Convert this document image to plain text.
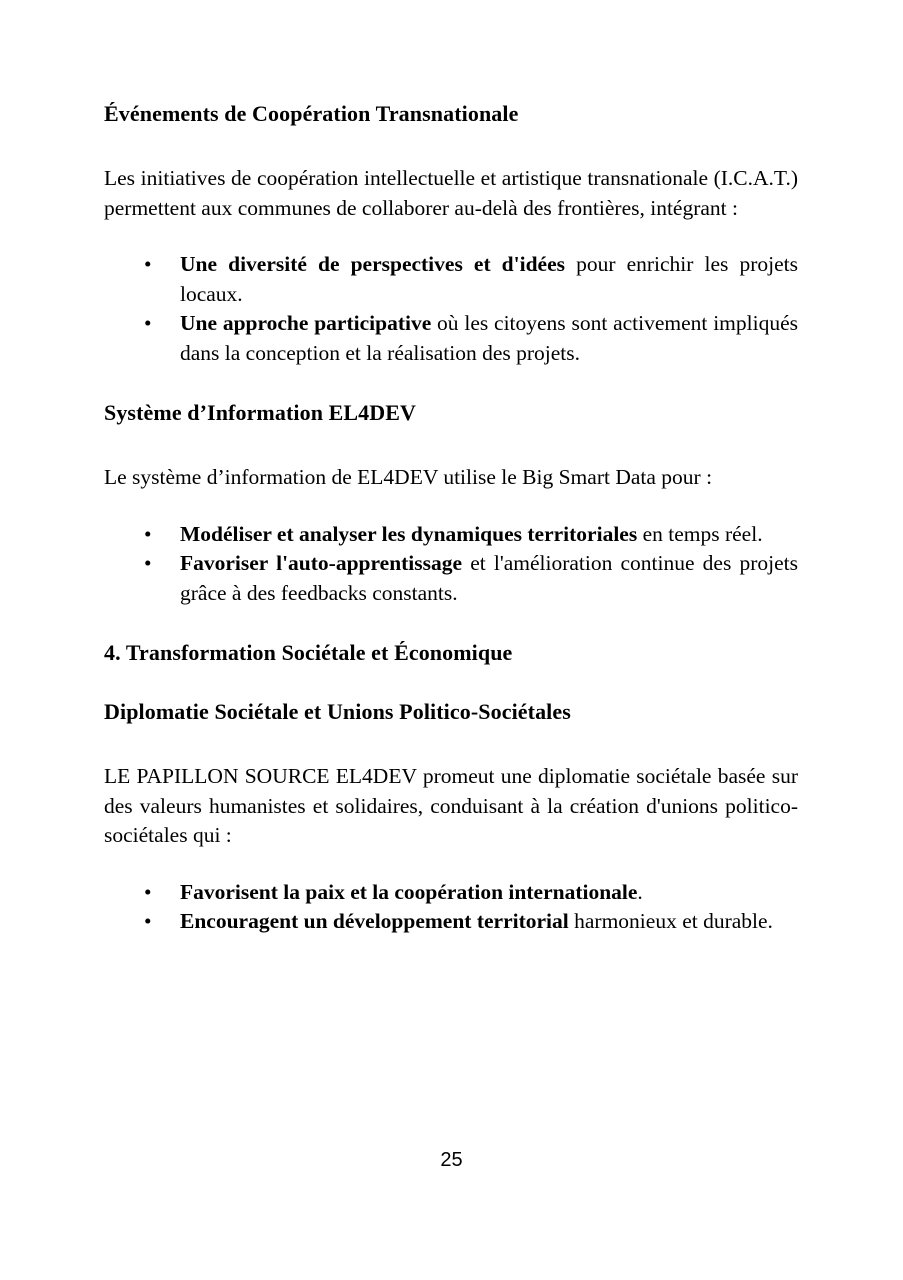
Événements de Coopération Transnationale

Les initiatives de coopération intellectuelle et artistique transnationale (I.C.A.T.) permettent aux communes de collaborer au-delà des frontières, intégrant :

• Une diversité de perspectives et d'idées pour enrichir les projets locaux.
• Une approche participative où les citoyens sont activement impliqués dans la conception et la réalisation des projets.
Système d’Information EL4DEV

Le système d’information de EL4DEV utilise le Big Smart Data pour :

• Modéliser et analyser les dynamiques territoriales en temps réel.
• Favoriser l'auto-apprentissage et l'amélioration continue des projets grâce à des feedbacks constants.
4. Transformation Sociétale et Économique
Diplomatie Sociétale et Unions Politico-Sociétales

LE PAPILLON SOURCE EL4DEV promeut une diplomatie sociétale basée sur des valeurs humanistes et solidaires, conduisant à la création d'unions politico-sociétales qui :

• Favorisent la paix et la coopération internationale.
• Encouragent un développement territorial harmonieux et durable.
25
